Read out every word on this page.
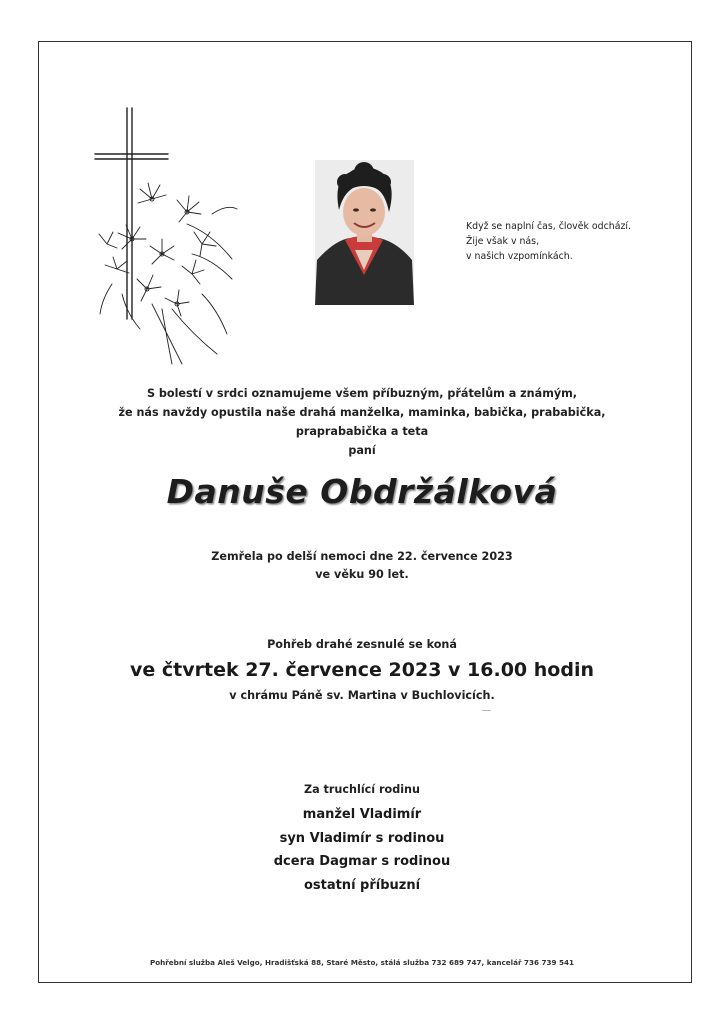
Když se naplní čas, člověk odchází.
Žije však v nás,
v našich vzpomínkách.
S bolestí v srdci oznamujeme všem příbuzným, přátelům a známým,
že nás navždy opustila naše drahá manželka, maminka, babička, prababička,
praprababička a teta
paní
Danuše Obdržálková
Zemřela po delší nemoci dne 22. července 2023
ve věku 90 let.
Pohřeb drahé zesnulé se koná
ve čtvrtek 27. července 2023 v 16.00 hodin
v chrámu Páně sv. Martina v Buchlovicích.
Za truchlící rodinu
manžel Vladimír
syn Vladimír s rodinou
dcera Dagmar s rodinou
ostatní příbuzní
Pohřební služba Aleš Velgo, Hradišťská 88, Staré Město, stálá služba 732 689 747, kancelář 736 739 541
